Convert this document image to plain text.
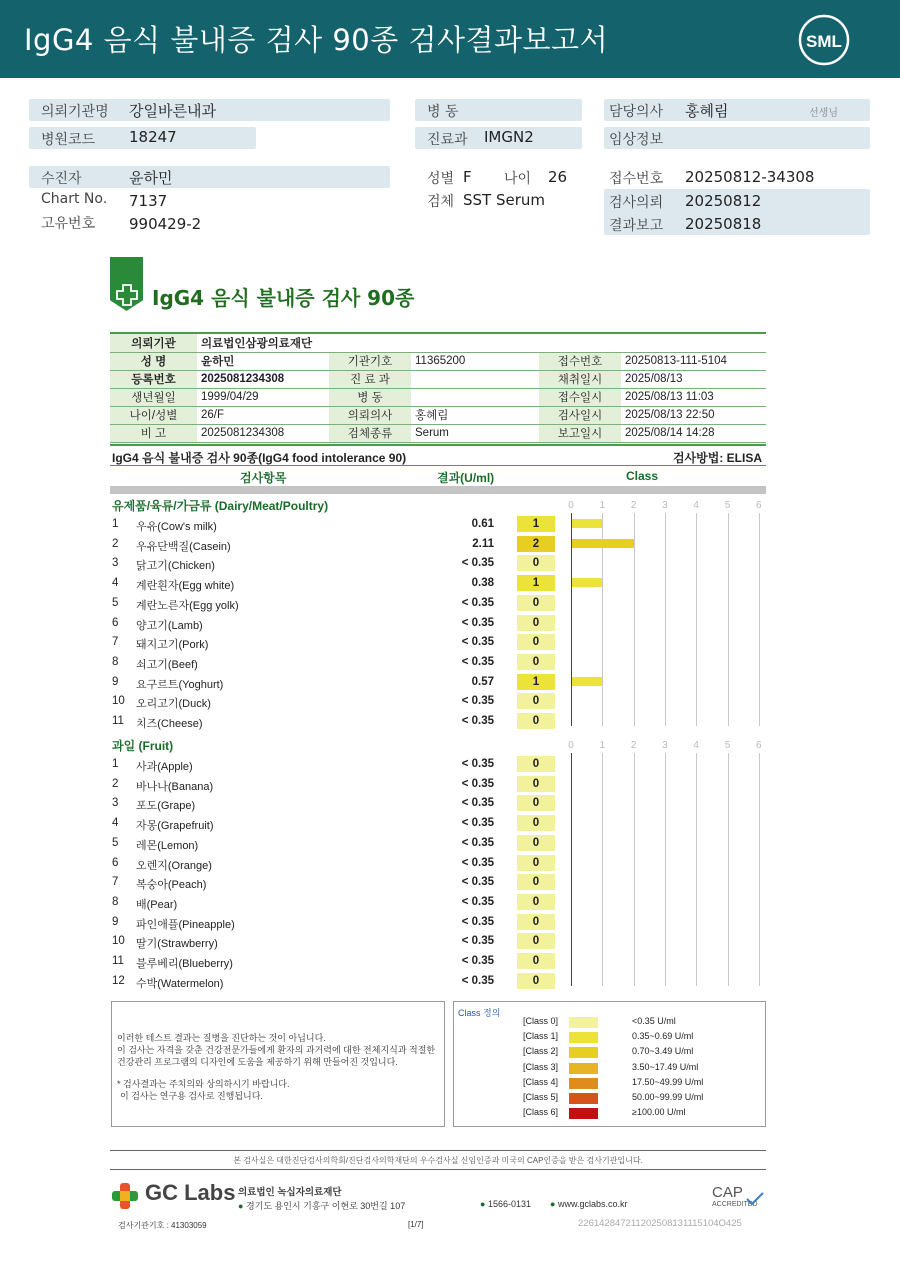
IgG4 음식 불내증 검사 90종 검사결과보고서	SML
의뢰기관명 강일바른내과
병원코드 18247
병 동
진료과 IMGN2
담당의사 홍혜림	선생님
임상정보
수진자	윤하민
Chart No. 7137
고유번호 990429-2
성별 F 나이 26
검체 SST Serum
접수번호 20250812-34308
검사의뢰 20250812
결과보고 20250818
IgG4 음식 불내증 검사 90종
의뢰기관	의료법인삼광의료재단				
성 명	윤하민	기관기호	11365200	접수번호	20250813-111-5104
등록번호	2025081234308	진 료 과		채취일시	2025/08/13
생년월일	1999/04/29	병 동		접수일시	2025/08/13 11:03
나이/성별	26/F	의뢰의사	홍혜림	검사일시	2025/08/13 22:50
비 고	2025081234308	검체종류	Serum	보고일시	2025/08/14 14:28
IgG4 음식 불내증 검사 90종(IgG4 food intolerance 90)	검사방법: ELISA
검사항목	결과(U/ml)	Class
유제품/육류/가금류 (Dairy/Meat/Poultry)	0	1	2	3	4	5	6
1	우유(Cow's milk)	0.61	1
2	우유단백질(Casein)	2.11	2
3	닭고기(Chicken)	< 0.35	0
4	계란흰자(Egg white)	0.38	1
5	계란노른자(Egg yolk)	< 0.35	0
6	양고기(Lamb)	< 0.35	0
7	돼지고기(Pork)	< 0.35	0
8	쇠고기(Beef)	< 0.35	0
9	요구르트(Yoghurt)	0.57	1
10	오리고기(Duck)	< 0.35	0
11	치즈(Cheese)	< 0.35	0
과일 (Fruit)	0	1	2	3	4	5	6
1	사과(Apple)	< 0.35	0
2	바나나(Banana)	< 0.35	0
3	포도(Grape)	< 0.35	0
4	자몽(Grapefruit)	< 0.35	0
5	레몬(Lemon)	< 0.35	0
6	오렌지(Orange)	< 0.35	0
7	복숭아(Peach)	< 0.35	0
8	배(Pear)	< 0.35	0
9	파인애플(Pineapple)	< 0.35	0
10	딸기(Strawberry)	< 0.35	0
11	블루베리(Blueberry)	< 0.35	0
12	수박(Watermelon)	< 0.35	0
이러한 테스트 결과는 질병을 진단하는 것이 아닙니다.
이 검사는 자격을 갖춘 건강전문가들에게 환자의 과거력에 대한 전체지식과 적절한
건강관리 프로그램의 디자인에 도움을 제공하기 위해 만들어진 것입니다.
* 검사결과는 주치의와 상의하시기 바랍니다.
이 검사는 연구용 검사로 진행됩니다.
Class 정의
[Class 0]	<0.35 U/ml
[Class 1]	0.35~0.69 U/ml
[Class 2]	0.70~3.49 U/ml
[Class 3]	3.50~17.49 U/ml
[Class 4]	17.50~49.99 U/ml
[Class 5]	50.00~99.99 U/ml
[Class 6]	≥100.00 U/ml
본 검사실은 대한진단검사의학회/진단검사의학재단의 우수검사실 신임인증과 미국의 CAP인증을 받은 검사기관입니다.
GC Labs 의료법인 녹십자의료재단
● 경기도 용인시 기흥구 이현로 30번길 107	● 1566-0131 ● www.gclabs.co.kr
CAP
ACCREDITED
검사기관기호 : 41303059	[1/7]	226142847211202508131115104O425
